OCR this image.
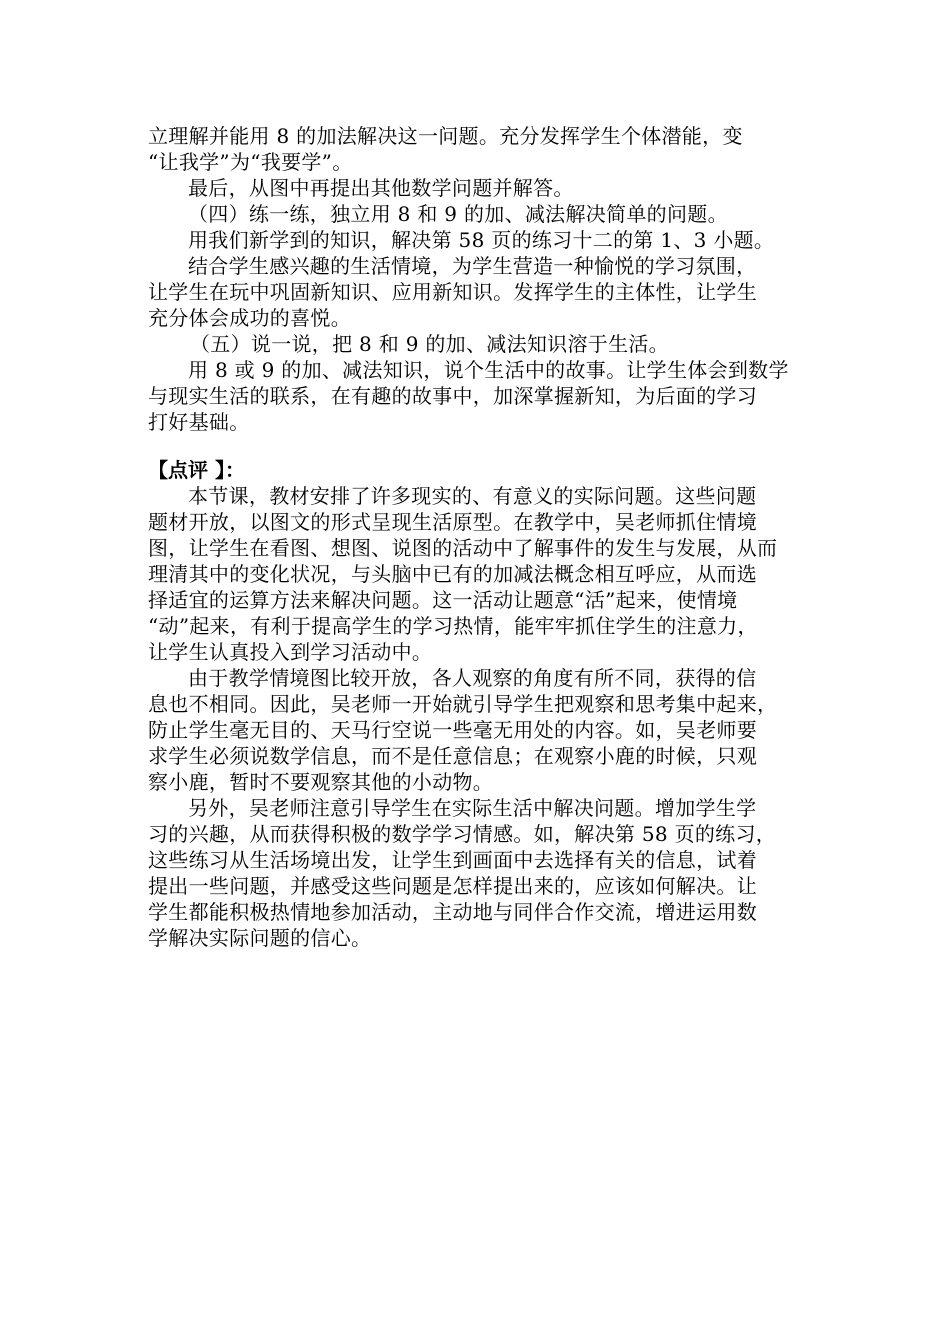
立理解并能用 8 的加法解决这一问题。充分发挥学生个体潜能，变
“让我学”为“我要学”。
最后，从图中再提出其他数学问题并解答。
（四）练一练，独立用 8 和 9 的加、减法解决简单的问题。
用我们新学到的知识，解决第 58 页的练习十二的第 1、3 小题。
结合学生感兴趣的生活情境，为学生营造一种愉悦的学习氛围，
让学生在玩中巩固新知识、应用新知识。发挥学生的主体性，让学生
充分体会成功的喜悦。
（五）说一说，把 8 和 9 的加、减法知识溶于生活。
用 8 或 9 的加、减法知识，说个生活中的故事。让学生体会到数学
与现实生活的联系，在有趣的故事中，加深掌握新知，为后面的学习
打好基础。
【点评 】：
本节课，教材安排了许多现实的、有意义的实际问题。这些问题
题材开放，以图文的形式呈现生活原型。在教学中，吴老师抓住情境
图，让学生在看图、想图、说图的活动中了解事件的发生与发展，从而
理清其中的变化状况，与头脑中已有的加减法概念相互呼应，从而选
择适宜的运算方法来解决问题。这一活动让题意“活”起来，使情境
“动”起来，有利于提高学生的学习热情，能牢牢抓住学生的注意力，
让学生认真投入到学习活动中。
由于教学情境图比较开放，各人观察的角度有所不同，获得的信
息也不相同。因此，吴老师一开始就引导学生把观察和思考集中起来，
防止学生毫无目的、天马行空说一些毫无用处的内容。如，吴老师要
求学生必须说数学信息，而不是任意信息；在观察小鹿的时候，只观
察小鹿，暂时不要观察其他的小动物。
另外，吴老师注意引导学生在实际生活中解决问题。增加学生学
习的兴趣，从而获得积极的数学学习情感。如，解决第 58 页的练习，
这些练习从生活场境出发，让学生到画面中去选择有关的信息，试着
提出一些问题，并感受这些问题是怎样提出来的，应该如何解决。让
学生都能积极热情地参加活动，主动地与同伴合作交流，增进运用数
学解决实际问题的信心。
